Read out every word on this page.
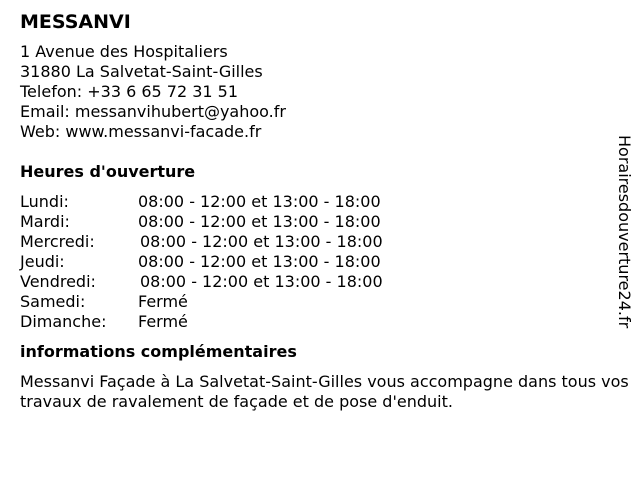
MESSANVI
1 Avenue des Hospitaliers
31880 La Salvetat-Saint-Gilles
Telefon: +33 6 65 72 31 51
Email: messanvihubert@yahoo.fr
Web: www.messanvi-facade.fr
Heures d'ouverture
Lundi:	08:00 - 12:00 et 13:00 - 18:00
Mardi:	08:00 - 12:00 et 13:00 - 18:00
Mercredi:	08:00 - 12:00 et 13:00 - 18:00
Jeudi:	08:00 - 12:00 et 13:00 - 18:00
Vendredi:	08:00 - 12:00 et 13:00 - 18:00
Samedi:	Fermé
Dimanche: Fermé
informations complémentaires
Messanvi Façade à La Salvetat-Saint-Gilles vous accompagne dans tous vos travaux de ravalement de façade et de pose d'enduit.
Horairesdouverture24.fr
